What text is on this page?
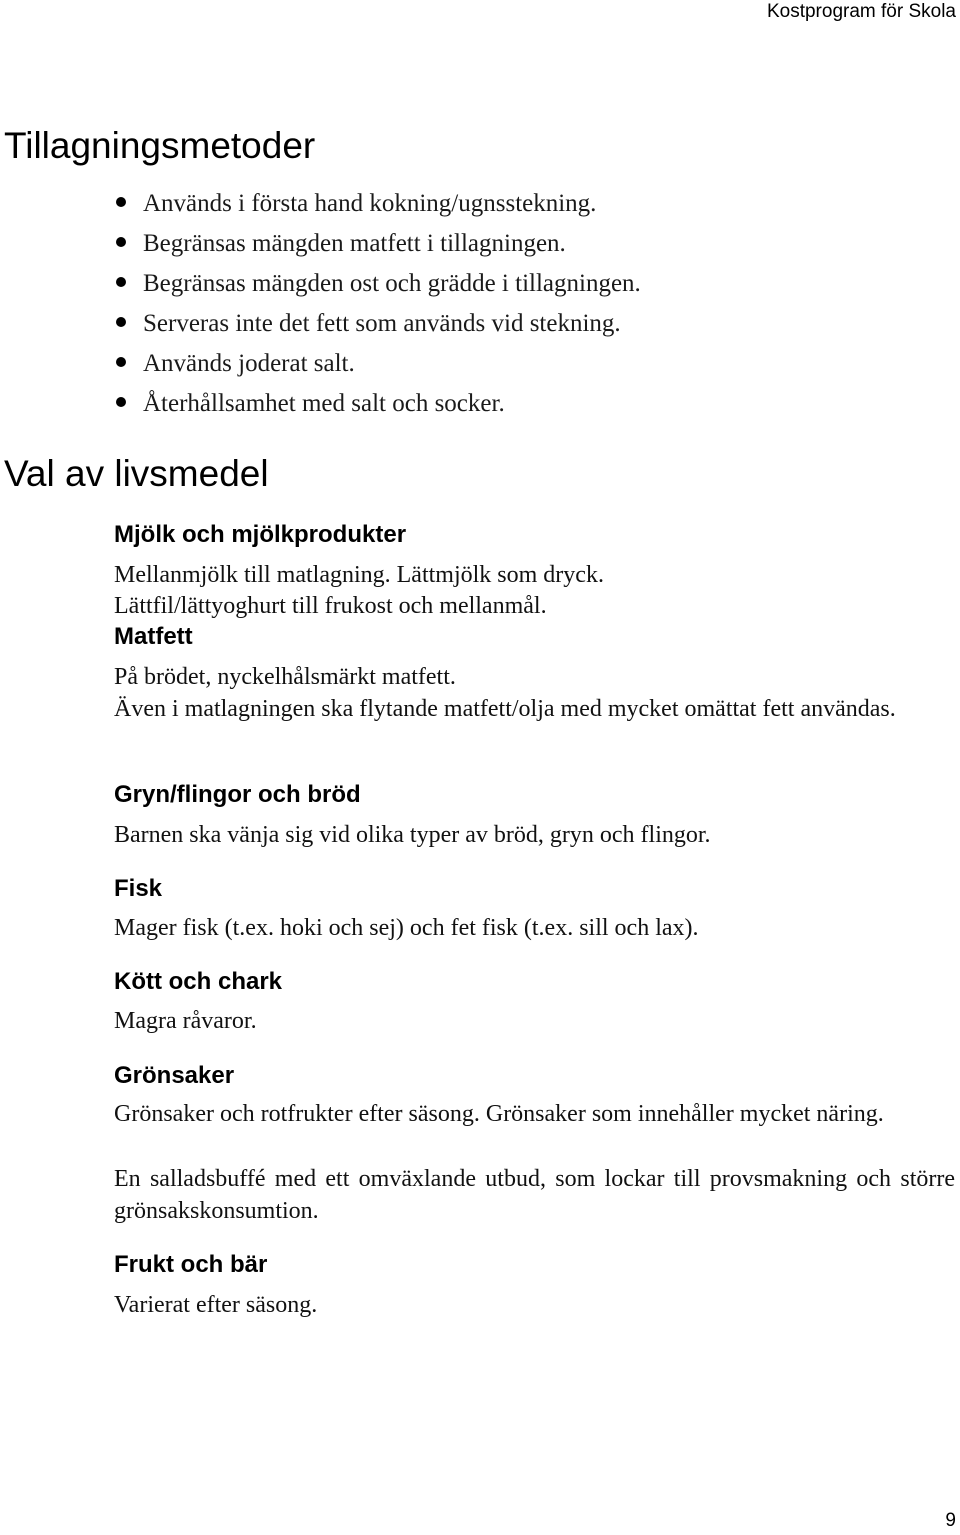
Kostprogram för Skola
Tillagningsmetoder
Används i första hand kokning/ugnsstekning.
Begränsas mängden matfett i tillagningen.
Begränsas mängden ost och grädde i tillagningen.
Serveras inte det fett som används vid stekning.
Används joderat salt.
Återhållsamhet med salt och socker.
Val av livsmedel
Mjölk och mjölkprodukter

Mellanmjölk till matlagning. Lättmjölk som dryck.

Lättfil/lättyoghurt till frukost och mellanmål.

Matfett

På brödet, nyckelhålsmärkt matfett.

Även i matlagningen ska flytande matfett/olja med mycket omättat fett användas.

Gryn/flingor och bröd

Barnen ska vänja sig vid olika typer av bröd, gryn och flingor.

Fisk

Mager fisk (t.ex. hoki och sej) och fet fisk (t.ex. sill och lax).

Kött och chark

Magra råvaror.

Grönsaker

Grönsaker och rotfrukter efter säsong. Grönsaker som innehåller mycket näring.

En salladsbuffé med ett omväxlande utbud, som lockar till provsmakning och större grönsakskonsumtion.

Frukt och bär

Varierat efter säsong.

9
